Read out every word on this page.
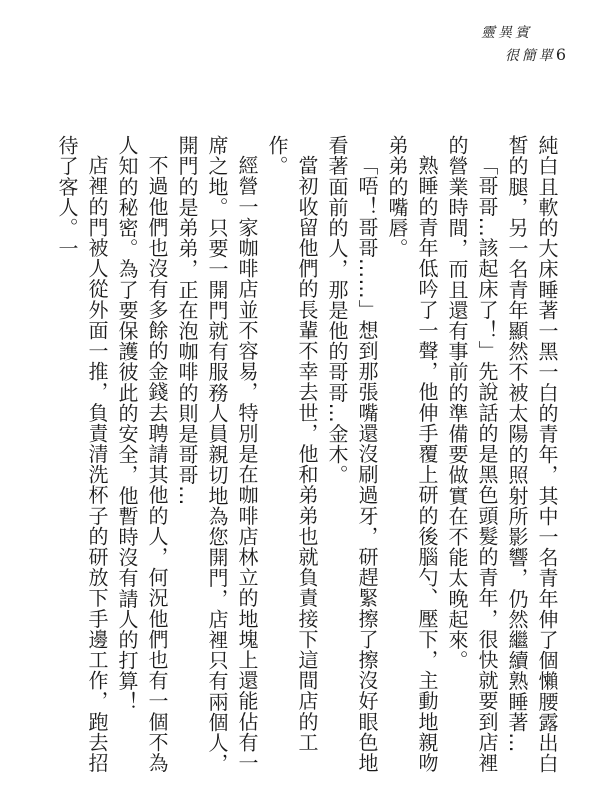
靈異賓
很簡單6

純白且軟的大床睡著一黑一白的青年，其中一名青年伸了個懶腰露出白皙的腿，另一名青年顯然不被太陽的照射所影響，仍然繼續熟睡著…

「哥哥…該起床了！」先說話的是黑色頭髮的青年，很快就要到店裡的營業時間，而且還有事前的準備要做實在不能太晚起來。

熟睡的青年低吟了一聲，他伸手覆上研的後腦勺、壓下，主動地親吻弟弟的嘴唇。

「唔！哥哥……」想到那張嘴還沒刷過牙，研趕緊擦了擦沒好眼色地看著面前的人，那是他的哥哥…金木。

當初收留他們的長輩不幸去世，他和弟弟也就負責接下這間店的工作。

經營一家咖啡店並不容易，特別是在咖啡店林立的地塊上還能佔有一席之地。只要一開門就有服務人員親切地為您開門，店裡只有兩個人，開門的是弟弟，正在泡咖啡的則是哥哥…

不過他們也沒有多餘的金錢去聘請其他的人，何況他們也有一個不為人知的秘密。為了要保護彼此的安全，他暫時沒有請人的打算！

店裡的門被人從外面一推，負責清洗杯子的研放下手邊工作，跑去招待了客人。一
